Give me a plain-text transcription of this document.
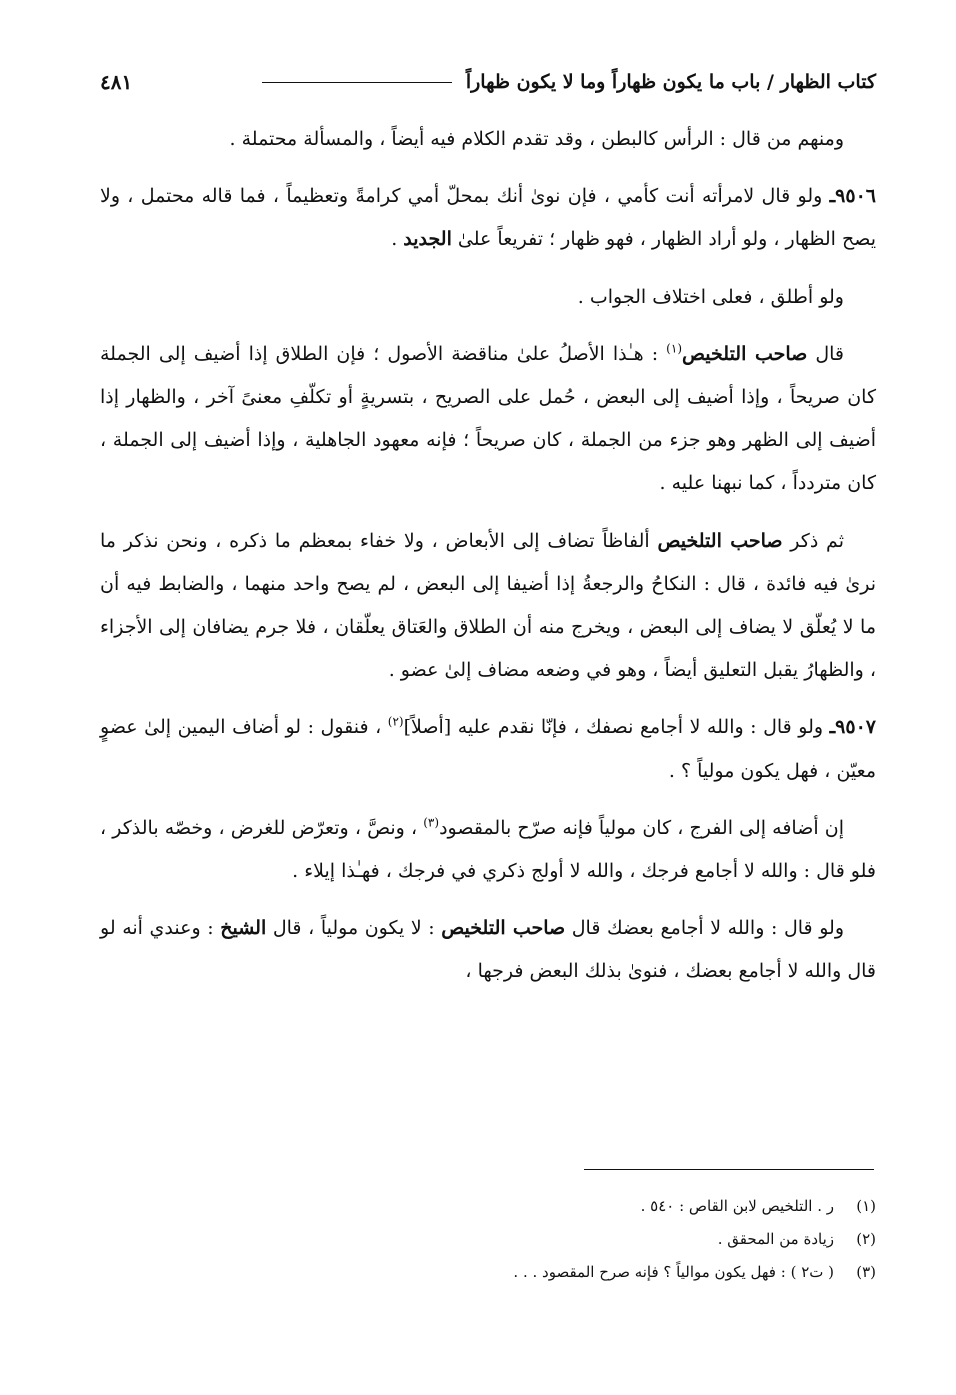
كتاب الظهار / باب ما يكون ظهاراً وما لا يكون ظهاراً
٤٨١

ومنهم من قال : الرأس كالبطن ، وقد تقدم الكلام فيه أيضاً ، والمسألة محتملة .

٩٥٠٦ـ ولو قال لامرأته أنت كأمي ، فإن نوىٰ أنك بمحلّ أمي كرامةً وتعظيماً ، فما قاله محتمل ، ولا يصح الظهار ، ولو أراد الظهار ، فهو ظهار ؛ تفريعاً علىٰ الجديد .

ولو أطلق ، فعلى اختلاف الجواب .

قال صاحب التلخيص$^{(١)}$ : هـٰذا الأصلُ علىٰ مناقضة الأصول ؛ فإن الطلاق إذا أضيف إلى الجملة كان صريحاً ، وإذا أضيف إلى البعض ، حُمل على الصريح ، بتسريةٍ أو تكلّفِ معنىً آخر ، والظهار إذا أضيف إلى الظهر وهو جزء من الجملة ، كان صريحاً ؛ فإنه معهود الجاهلية ، وإذا أضيف إلى الجملة ، كان متردداً ، كما نبهنا عليه .

ثم ذكر صاحب التلخيص ألفاظاً تضاف إلى الأبعاض ، ولا خفاء بمعظم ما ذكره ، ونحن نذكر ما نرىٰ فيه فائدة ، قال : النكاحُ والرجعةُ إذا أضيفا إلى البعض ، لم يصح واحد منهما ، والضابط فيه أن ما لا يُعلّق لا يضاف إلى البعض ، ويخرج منه أن الطلاق والعَتاق يعلّقان ، فلا جرم يضافان إلى الأجزاء ، والظهارُ يقبل التعليق أيضاً ، وهو في وضعه مضاف إلىٰ عضو .

٩٥٠٧ـ ولو قال : والله لا أجامع نصفك ، فإنّا نقدم عليه [أصلاً]$^{(٢)}$ ، فنقول : لو أضاف اليمين إلىٰ عضوٍ معيّن ، فهل يكون مولياً ؟ .

إن أضافه إلى الفرج ، كان مولياً فإنه صرّح بالمقصود$^{(٣)}$ ، ونصَّ ، وتعرّض للغرض ، وخصّه بالذكر ، فلو قال : والله لا أجامع فرجك ، والله لا أولج ذكري في فرجك ، فهـٰذا إيلاء .

ولو قال : والله لا أجامع بعضك قال صاحب التلخيص : لا يكون مولياً ، قال الشيخ : وعندي أنه لو قال والله لا أجامع بعضك ، فنوىٰ بذلك البعض فرجها ،

(١)
ر . التلخيص لابن القاص : ٥٤٠ .
(٢)
زيادة من المحقق .
(٣)
( ت٢ ) : فهل يكون موالياً ؟ فإنه صرح المقصود . . .
